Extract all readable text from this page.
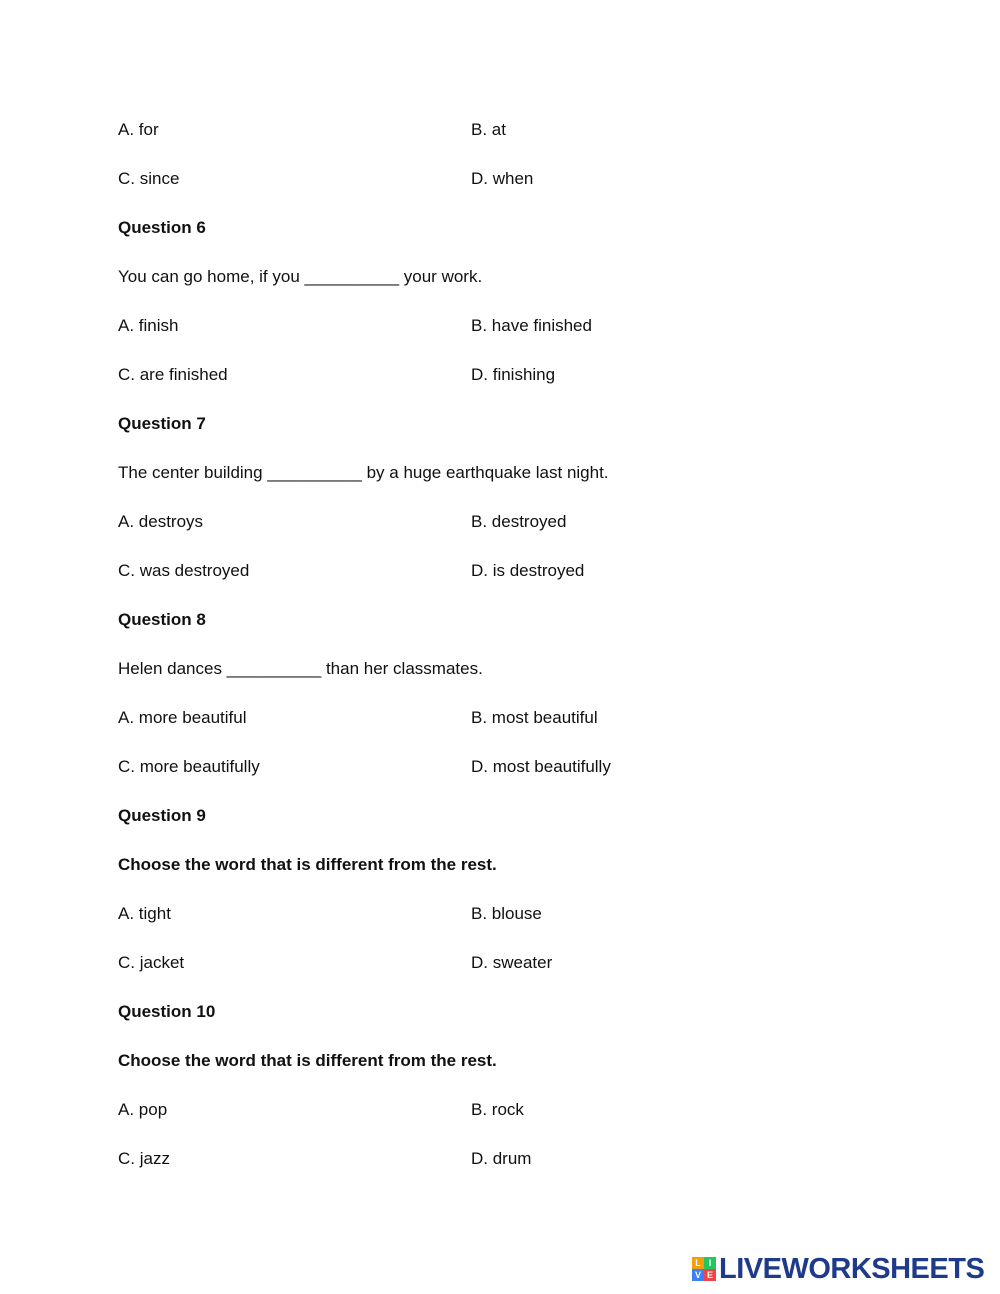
A. for	B. at
C. since	D. when
Question 6
You can go home, if you __________ your work.
A. finish	B. have finished
C. are finished	D. finishing
Question 7
The center building __________ by a huge earthquake last night.
A. destroys	B. destroyed
C. was destroyed	D. is destroyed
Question 8
Helen dances __________ than her classmates.
A. more beautiful	B. most beautiful
C. more beautifully	D. most beautifully
Question 9
Choose the word that is different from the rest.
A. tight	B. blouse
C. jacket	D. sweater
Question 10
Choose the word that is different from the rest.
A. pop	B. rock
C. jazz	D. drum
L I
V E LIVEWORKSHEETS
